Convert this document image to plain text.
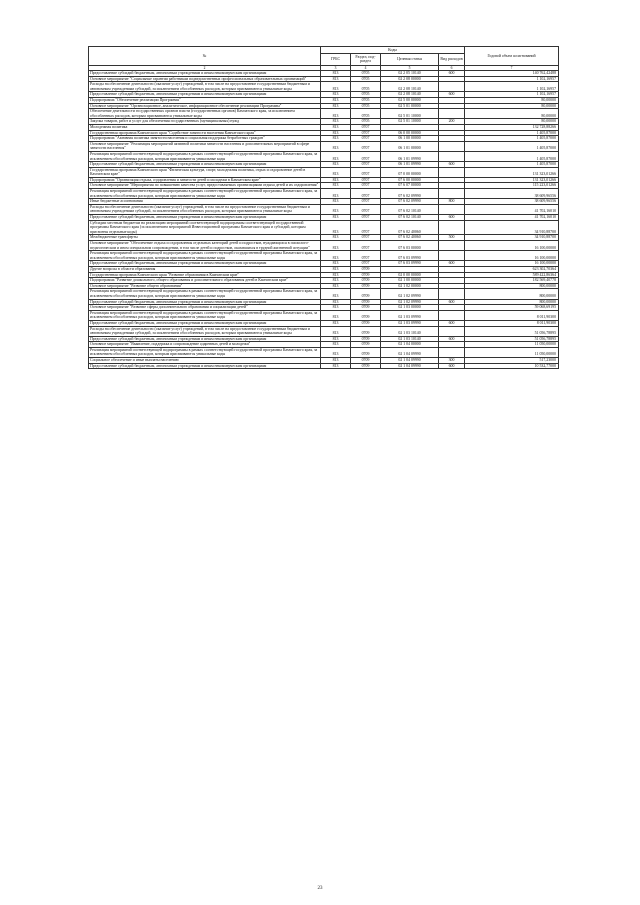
№	Коды				Годовой объем ассигнований
	ГРБС	Раздел, под-раздел	Целевая статья	Вид расходов	
2	3	4	5	6	7
Предоставление субсидий бюджетным, автономным учреждениям и иным некоммерческим организациям	813	0705	02 2 05 10140	600	140 762,42488
Основное мероприятие "Социальные гарантии работникам подведомственных профессиональных образовательных организаций"	813	0705	02 2 08 00000		1 102,16957
Расходы на обеспечение деятельности (оказание услуг) учреждений, в том числе на предоставление государственным бюджетным и автономным учреждениям субсидий, за исключением обособленных расходов, которым присваиваются уникальные коды	813	0705	02 2 08 10140		1 102,16957
Предоставление субсидий бюджетным, автономным учреждениям и иным некоммерческим организациям	813	0705	02 2 08 10140	600	1 102,16957
Подпрограмма "Обеспечение реализации Программы"	813	0705	02 5 00 00000		80,00000
Основное мероприятие "Организационное, аналитическое, информационное обеспечение реализации Программы"	813	0705	02 5 01 00000		80,00000
Обеспечение деятельности государственных органов власти (государственных органов) Камчатского края, за исключением обособленных расходов, которым присваиваются уникальные коды	813	0705	02 5 01 10000		80,00000
Закупка товаров, работ и услуг для обеспечения государственных (муниципальных) нужд	813	0705	02 5 01 10000	200	80,00000
Молодежная политика	813	0707			132 728,88266
Государственная программа Камчатского края "Содействие занятости населения Камчатского края"	813	0707	06 0 00 00000		1 405,87000
Подпрограмма "Активная политика занятости населения и социальная поддержка безработных граждан"	813	0707	06 1 00 00000		1 405,87000
Основное мероприятие "Реализация мероприятий активной политики занятости населения и дополнительных мероприятий в сфере занятости населения"	813	0707	06 1 01 00000		1 405,87000
Реализация мероприятий соответствующей подпрограммы в рамках соответствующей государственной программы Камчатского края, за исключением обособленных расходов, которым присваиваются уникальные коды	813	0707	06 1 01 09990		1 405,87000
Предоставление субсидий бюджетным, автономным учреждениям и иным некоммерческим организациям	813	0707	06 1 01 09990	600	1 405,87000
Государственная программа Камчатского края "Физическая культура, спорт, молодежная политика, отдых и оздоровление детей в Камчатском крае"	813	0707	07 0 00 00000		131 323,01266
Подпрограмма "Организация отдыха, оздоровления и занятости детей и молодежи в Камчатском крае"	813	0707	07 6 00 00000		131 323,01266
Основное мероприятие "Мероприятия по повышению качества услуг, предоставляемых организациями отдыха детей и их оздоровления"	813	0707	07 6 07 00000		115 223,01266
Реализация мероприятий соответствующей подпрограммы в рамках соответствующей государственной программы Камчатского края, за исключением обособленных расходов, которым присваиваются уникальные коды	813	0707	07 6 02 09990		38 609,96556
Иные бюджетные ассигнования	813	0707	07 6 02 09990	800	38 609,96556
Расходы на обеспечение деятельности (оказание услуг) учреждений, в том числе на предоставление государственным бюджетным и автономным учреждениям субсидий, за исключением обособленных расходов, которым присваиваются уникальные коды	813	0707	07 6 02 10140		41 702,16010
Предоставление субсидий бюджетным, автономным учреждениям и иным некоммерческим организациям	813	0707	07 6 02 10140	600	41 702,16010
Субсидии местным бюджетам на реализацию мероприятий соответствующей подпрограммы соответствующей государственной программы Камчатского края (за исключением мероприятий Инвестиционной программы Камчатского края и субсидий, которым присвоены отдельные коды)	813	0707	07 6 02 40060		34 910,88700
Межбюджетные трансферты	813	0707	07 6 02 40060	500	34 910,88700
Основное мероприятие "Обеспечение отдыха и оздоровления отдельных категорий детей и подростков, нуждающихся в психолого-педагогическом и ином специальном сопровождении, в том числе детей и подростков, оказавшихся в трудной жизненной ситуации"	813	0707	07 6 03 00000		16 100,00000
Реализация мероприятий соответствующей подпрограммы в рамках соответствующей государственной программы Камчатского края, за исключением обособленных расходов, которым присваиваются уникальные коды	813	0707	07 6 03 09990		16 100,00000
Предоставление субсидий бюджетным, автономным учреждениям и иным некоммерческим организациям	813	0707	07 6 03 09990	600	16 100,00000
Другие вопросы в области образования	813	0709			623 302,70364
Государственная программа Камчатского края "Развитие образования в Камчатском крае"	813	0709	02 0 00 00000		589 422,86364
Подпрограмма "Развитие дошкольного, общего образования и дополнительного образования детей в Камчатском крае"	813	0709	02 1 00 00000		182 569,40778
Основное мероприятие "Развитие общего образования"	813	0709	02 1 02 00000		800,00000
Реализация мероприятий соответствующей подпрограммы в рамках соответствующей государственной программы Камчатского края, за исключением обособленных расходов, которым присваиваются уникальные коды	813	0709	02 1 02 09990		800,00000
Предоставление субсидий бюджетным, автономным учреждениям и иным некоммерческим организациям	813	0709	02 1 02 09990	600	800,00000
Основное мероприятие "Развитие сферы дополнительного образования и социализации детей"	813	0709	02 1 03 00000		59 068,69195
Реализация мероприятий соответствующей подпрограммы в рамках соответствующей государственной программы Камчатского края, за исключением обособленных расходов, которым присваиваются уникальные коды	813	0709	02 1 03 09990		8 011,90300
Предоставление субсидий бюджетным, автономным учреждениям и иным некоммерческим организациям	813	0709	02 1 03 09990	600	8 011,90300
Расходы на обеспечение деятельности (оказание услуг) учреждений, в том числе на предоставление государственным бюджетным и автономным учреждениям субсидий, за исключением обособленных расходов, которым присваиваются уникальные коды	813	0709	02 1 03 10140		51 056,78895
Предоставление субсидий бюджетным, автономным учреждениям и иным некоммерческим организациям	813	0709	02 1 03 10140	600	51 056,78895
Основное мероприятие "Выявление, поддержка и сопровождение одаренных детей и молодежи"	813	0709	02 1 04 00000		11 050,00000
Реализация мероприятий соответствующей подпрограммы в рамках соответствующей государственной программы Камчатского края, за исключением обособленных расходов, которым присваиваются уникальные коды	813	0709	02 1 04 09990		11 050,00000
Социальное обеспечение и иные выплаты населению	813	0709	02 1 04 09990	300	517,23000
Предоставление субсидий бюджетным, автономным учреждениям и иным некоммерческим организациям	813	0709	02 1 04 09990	600	10 532,77000
23
